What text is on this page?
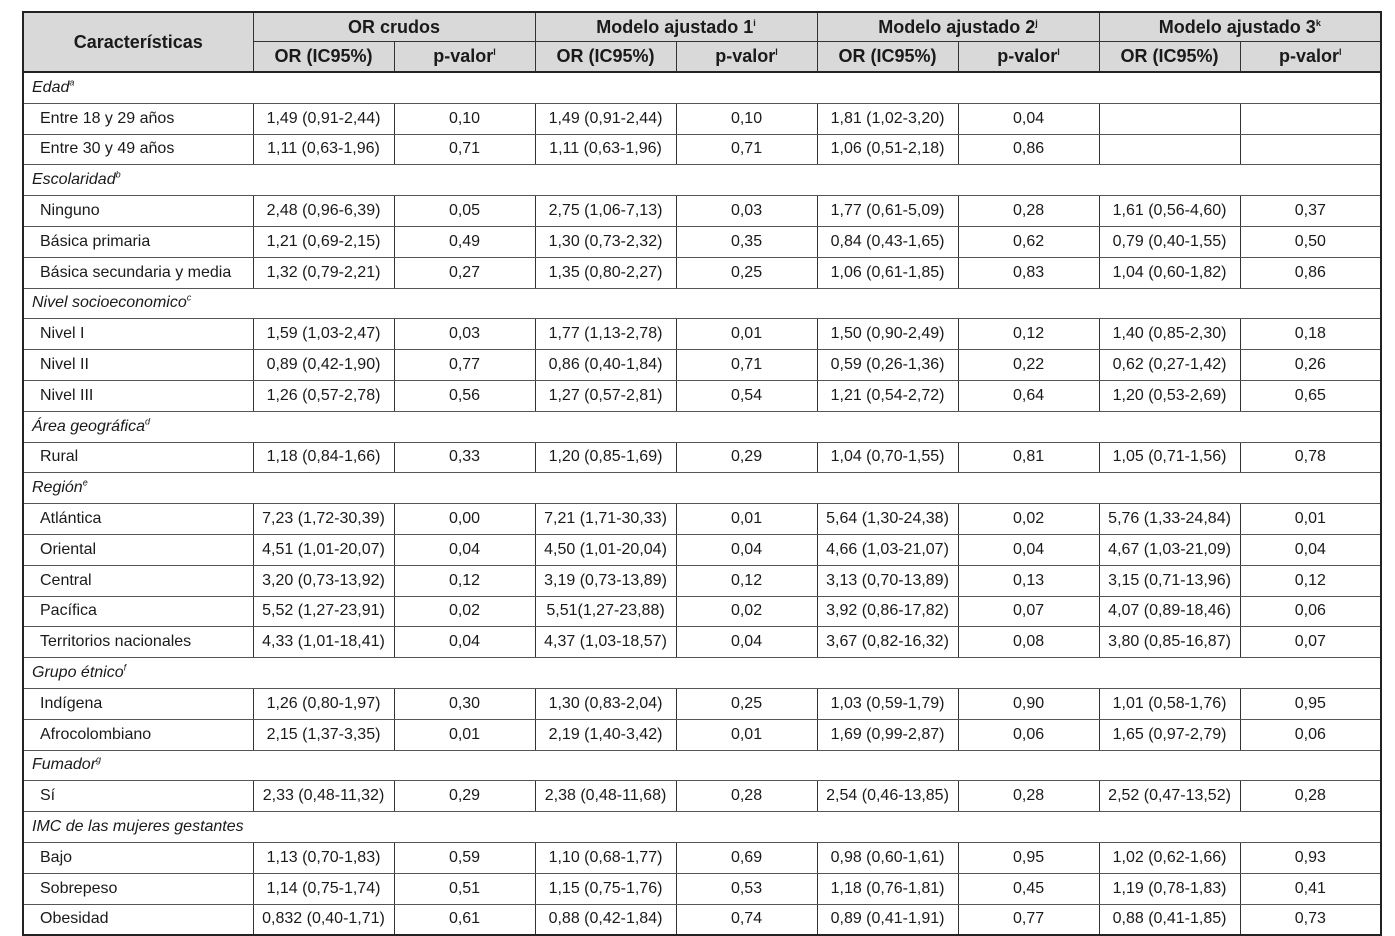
Características	OR crudos		Modelo ajustado 1$^i$		Modelo ajustado 2$^j$		Modelo ajustado 3$^k$
	OR (IC95%)	p-valor$^l$	OR (IC95%)	p-valor$^l$	OR (IC95%)	p-valor$^l$	OR (IC95%)	p-valor$^l$
Edad$^a$
Entre 18 y 29 años	1,49 (0,91-2,44)	0,10	1,49 (0,91-2,44)	0,10	1,81 (1,02-3,20)	0,04		
Entre 30 y 49 años	1,11 (0,63-1,96)	0,71	1,11 (0,63-1,96)	0,71	1,06 (0,51-2,18)	0,86		
Escolaridad$^b$
Ninguno	2,48 (0,96-6,39)	0,05	2,75 (1,06-7,13)	0,03	1,77 (0,61-5,09)	0,28	1,61 (0,56-4,60)	0,37
Básica primaria	1,21 (0,69-2,15)	0,49	1,30 (0,73-2,32)	0,35	0,84 (0,43-1,65)	0,62	0,79 (0,40-1,55)	0,50
Básica secundaria y media	1,32 (0,79-2,21)	0,27	1,35 (0,80-2,27)	0,25	1,06 (0,61-1,85)	0,83	1,04 (0,60-1,82)	0,86
Nivel socioeconomico$^c$
Nivel I	1,59 (1,03-2,47)	0,03	1,77 (1,13-2,78)	0,01	1,50 (0,90-2,49)	0,12	1,40 (0,85-2,30)	0,18
Nivel II	0,89 (0,42-1,90)	0,77	0,86 (0,40-1,84)	0,71	0,59 (0,26-1,36)	0,22	0,62 (0,27-1,42)	0,26
Nivel III	1,26 (0,57-2,78)	0,56	1,27 (0,57-2,81)	0,54	1,21 (0,54-2,72)	0,64	1,20 (0,53-2,69)	0,65
Área geográfica$^d$
Rural	1,18 (0,84-1,66)	0,33	1,20 (0,85-1,69)	0,29	1,04 (0,70-1,55)	0,81	1,05 (0,71-1,56)	0,78
Región$^e$
Atlántica	7,23 (1,72-30,39)	0,00	7,21 (1,71-30,33)	0,01	5,64 (1,30-24,38)	0,02	5,76 (1,33-24,84)	0,01
Oriental	4,51 (1,01-20,07)	0,04	4,50 (1,01-20,04)	0,04	4,66 (1,03-21,07)	0,04	4,67 (1,03-21,09)	0,04
Central	3,20 (0,73-13,92)	0,12	3,19 (0,73-13,89)	0,12	3,13 (0,70-13,89)	0,13	3,15 (0,71-13,96)	0,12
Pacífica	5,52 (1,27-23,91)	0,02	5,51(1,27-23,88)	0,02	3,92 (0,86-17,82)	0,07	4,07 (0,89-18,46)	0,06
Territorios nacionales	4,33 (1,01-18,41)	0,04	4,37 (1,03-18,57)	0,04	3,67 (0,82-16,32)	0,08	3,80 (0,85-16,87)	0,07
Grupo étnico$^f$
Indígena	1,26 (0,80-1,97)	0,30	1,30 (0,83-2,04)	0,25	1,03 (0,59-1,79)	0,90	1,01 (0,58-1,76)	0,95
Afrocolombiano	2,15 (1,37-3,35)	0,01	2,19 (1,40-3,42)	0,01	1,69 (0,99-2,87)	0,06	1,65 (0,97-2,79)	0,06
Fumador$^g$
Sí	2,33 (0,48-11,32)	0,29	2,38 (0,48-11,68)	0,28	2,54 (0,46-13,85)	0,28	2,52 (0,47-13,52)	0,28
IMC de las mujeres gestantes								
Bajo	1,13 (0,70-1,83)	0,59	1,10 (0,68-1,77)	0,69	0,98 (0,60-1,61)	0,95	1,02 (0,62-1,66)	0,93
Sobrepeso	1,14 (0,75-1,74)	0,51	1,15 (0,75-1,76)	0,53	1,18 (0,76-1,81)	0,45	1,19 (0,78-1,83)	0,41
Obesidad	0,832 (0,40-1,71)	0,61	0,88 (0,42-1,84)	0,74	0,89 (0,41-1,91)	0,77	0,88 (0,41-1,85)	0,73
